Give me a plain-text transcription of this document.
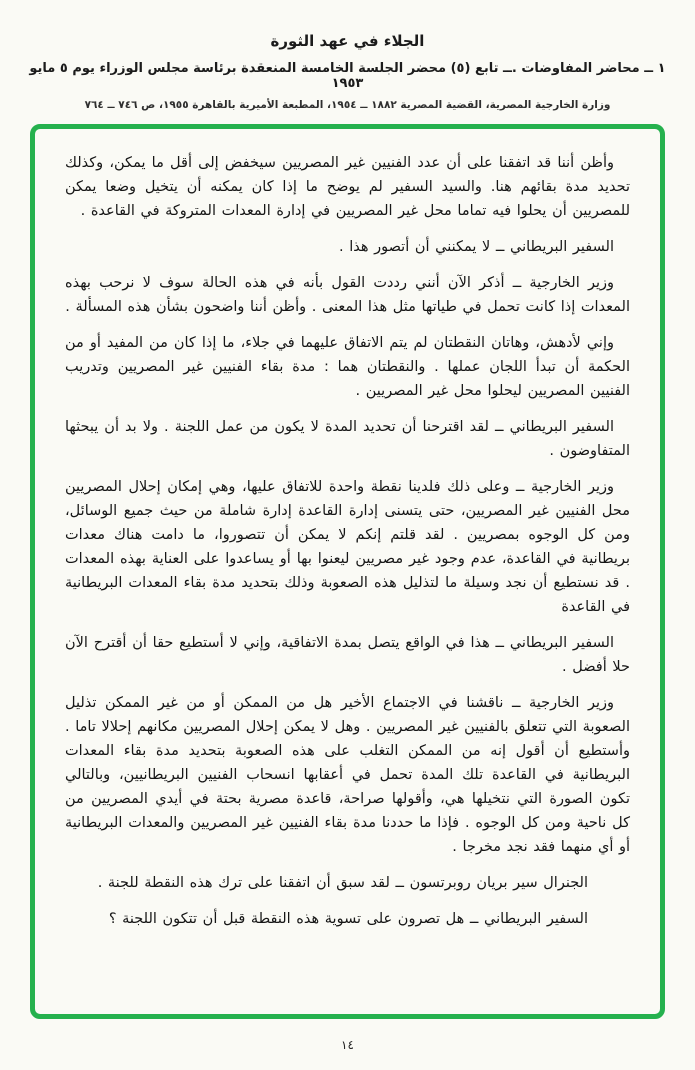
الجلاء في عهد الثورة
١ ــ محاضر المفاوضات .ــ تابع (٥) محضر الجلسة الخامسة المنعقدة برئاسة مجلس الوزراء يوم ٥ مايو ١٩٥٣
وزارة الخارجية المصرية، القضية المصرية ١٨٨٢ ــ ١٩٥٤، المطبعة الأميرية بالقاهرة ١٩٥٥، ص ٧٤٦ ــ ٧٦٤

وأظن أننا قد اتفقنا على أن عدد الفنيين غير المصريين سيخفض إلى أقل ما يمكن، وكذلك تحديد مدة بقائهم هنا. والسيد السفير لم يوضح ما إذا كان يمكنه أن يتخيل وضعا يمكن للمصريين أن يحلوا فيه تماما محل غير المصريين في إدارة المعدات المتروكة في القاعدة .

السفير البريطاني ــ لا يمكنني أن أتصور هذا .

وزير الخارجية ــ أذكر الآن أنني رددت القول بأنه في هذه الحالة سوف لا نرحب بهذه المعدات إذا كانت تحمل في طياتها مثل هذا المعنى . وأظن أننا واضحون بشأن هذه المسألة .

وإني لأدهش، وهاتان النقطتان لم يتم الاتفاق عليهما في جلاء، ما إذا كان من المفيد أو من الحكمة أن تبدأ اللجان عملها . والنقطتان هما : مدة بقاء الفنيين غير المصريين وتدريب الفنيين المصريين ليحلوا محل غير المصريين .

السفير البريطاني ــ لقد اقترحنا أن تحديد المدة لا يكون من عمل اللجنة . ولا بد أن يبحثها المتفاوضون .

وزير الخارجية ــ وعلى ذلك فلدينا نقطة واحدة للاتفاق عليها، وهي إمكان إحلال المصريين محل الفنيين غير المصريين، حتى يتسنى إدارة القاعدة إدارة شاملة من حيث جميع الوسائل، ومن كل الوجوه بمصريين . لقد قلتم إنكم لا يمكن أن تتصوروا، ما دامت هناك معدات بريطانية في القاعدة، عدم وجود غير مصريين ليعنوا بها أو يساعدوا على العناية بهذه المعدات . قد نستطيع أن نجد وسيلة ما لتذليل هذه الصعوبة وذلك بتحديد مدة بقاء المعدات البريطانية في القاعدة

السفير البريطاني ــ هذا في الواقع يتصل بمدة الاتفاقية، وإني لا أستطيع حقا أن أقترح الآن حلا أفضل .

وزير الخارجية ــ ناقشنا في الاجتماع الأخير هل من الممكن أو من غير الممكن تذليل الصعوبة التي تتعلق بالفنيين غير المصريين . وهل لا يمكن إحلال المصريين مكانهم إحلالا تاما . وأستطيع أن أقول إنه من الممكن التغلب على هذه الصعوبة بتحديد مدة بقاء المعدات البريطانية في القاعدة تلك المدة تحمل في أعقابها انسحاب الفنيين البريطانيين، وبالتالي تكون الصورة التي نتخيلها هي، وأقولها صراحة، قاعدة مصرية بحتة في أيدي المصريين من كل ناحية ومن كل الوجوه . فإذا ما حددنا مدة بقاء الفنيين غير المصريين والمعدات البريطانية أو أي منهما فقد نجد مخرجا .

الجنرال سير بريان روبرتسون ــ لقد سبق أن اتفقنا على ترك هذه النقطة للجنة .

السفير البريطاني ــ هل تصرون على تسوية هذه النقطة قبل أن تتكون اللجنة ؟

١٤
